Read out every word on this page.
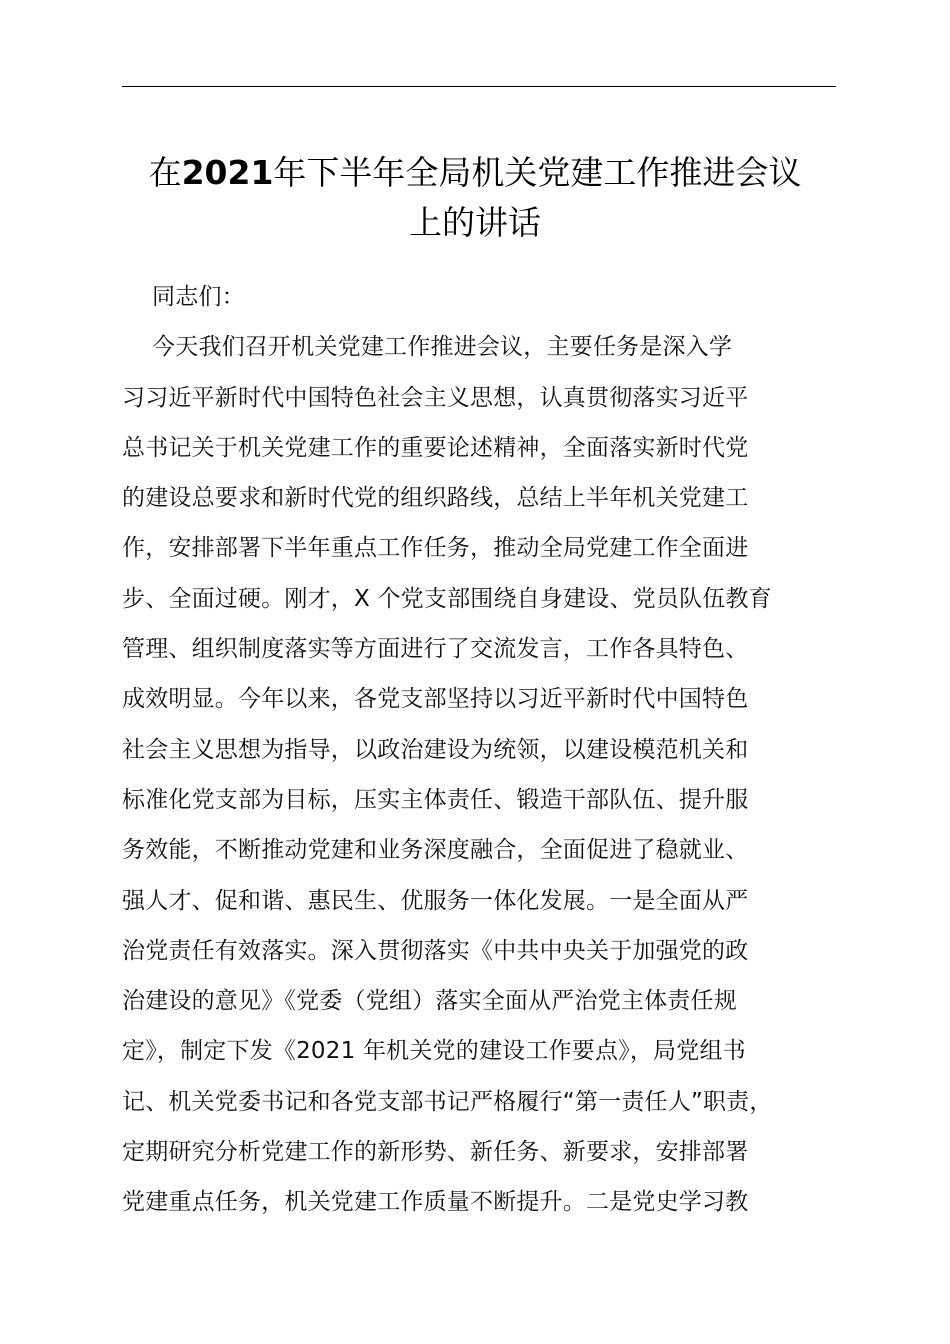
在2021年下半年全局机关党建工作推进会议
上的讲话
同志们：
今天我们召开机关党建工作推进会议，主要任务是深入学
习习近平新时代中国特色社会主义思想，认真贯彻落实习近平
总书记关于机关党建工作的重要论述精神，全面落实新时代党
的建设总要求和新时代党的组织路线，总结上半年机关党建工
作，安排部署下半年重点工作任务，推动全局党建工作全面进
步、全面过硬。刚才，X 个党支部围绕自身建设、党员队伍教育
管理、组织制度落实等方面进行了交流发言，工作各具特色、
成效明显。今年以来，各党支部坚持以习近平新时代中国特色
社会主义思想为指导，以政治建设为统领，以建设模范机关和
标准化党支部为目标，压实主体责任、锻造干部队伍、提升服
务效能，不断推动党建和业务深度融合，全面促进了稳就业、
强人才、促和谐、惠民生、优服务一体化发展。一是全面从严
治党责任有效落实。深入贯彻落实《中共中央关于加强党的政
治建设的意见》《党委（党组）落实全面从严治党主体责任规
定》，制定下发《2021 年机关党的建设工作要点》，局党组书
记、机关党委书记和各党支部书记严格履行“第一责任人”职责，
定期研究分析党建工作的新形势、新任务、新要求，安排部署
党建重点任务，机关党建工作质量不断提升。二是党史学习教
